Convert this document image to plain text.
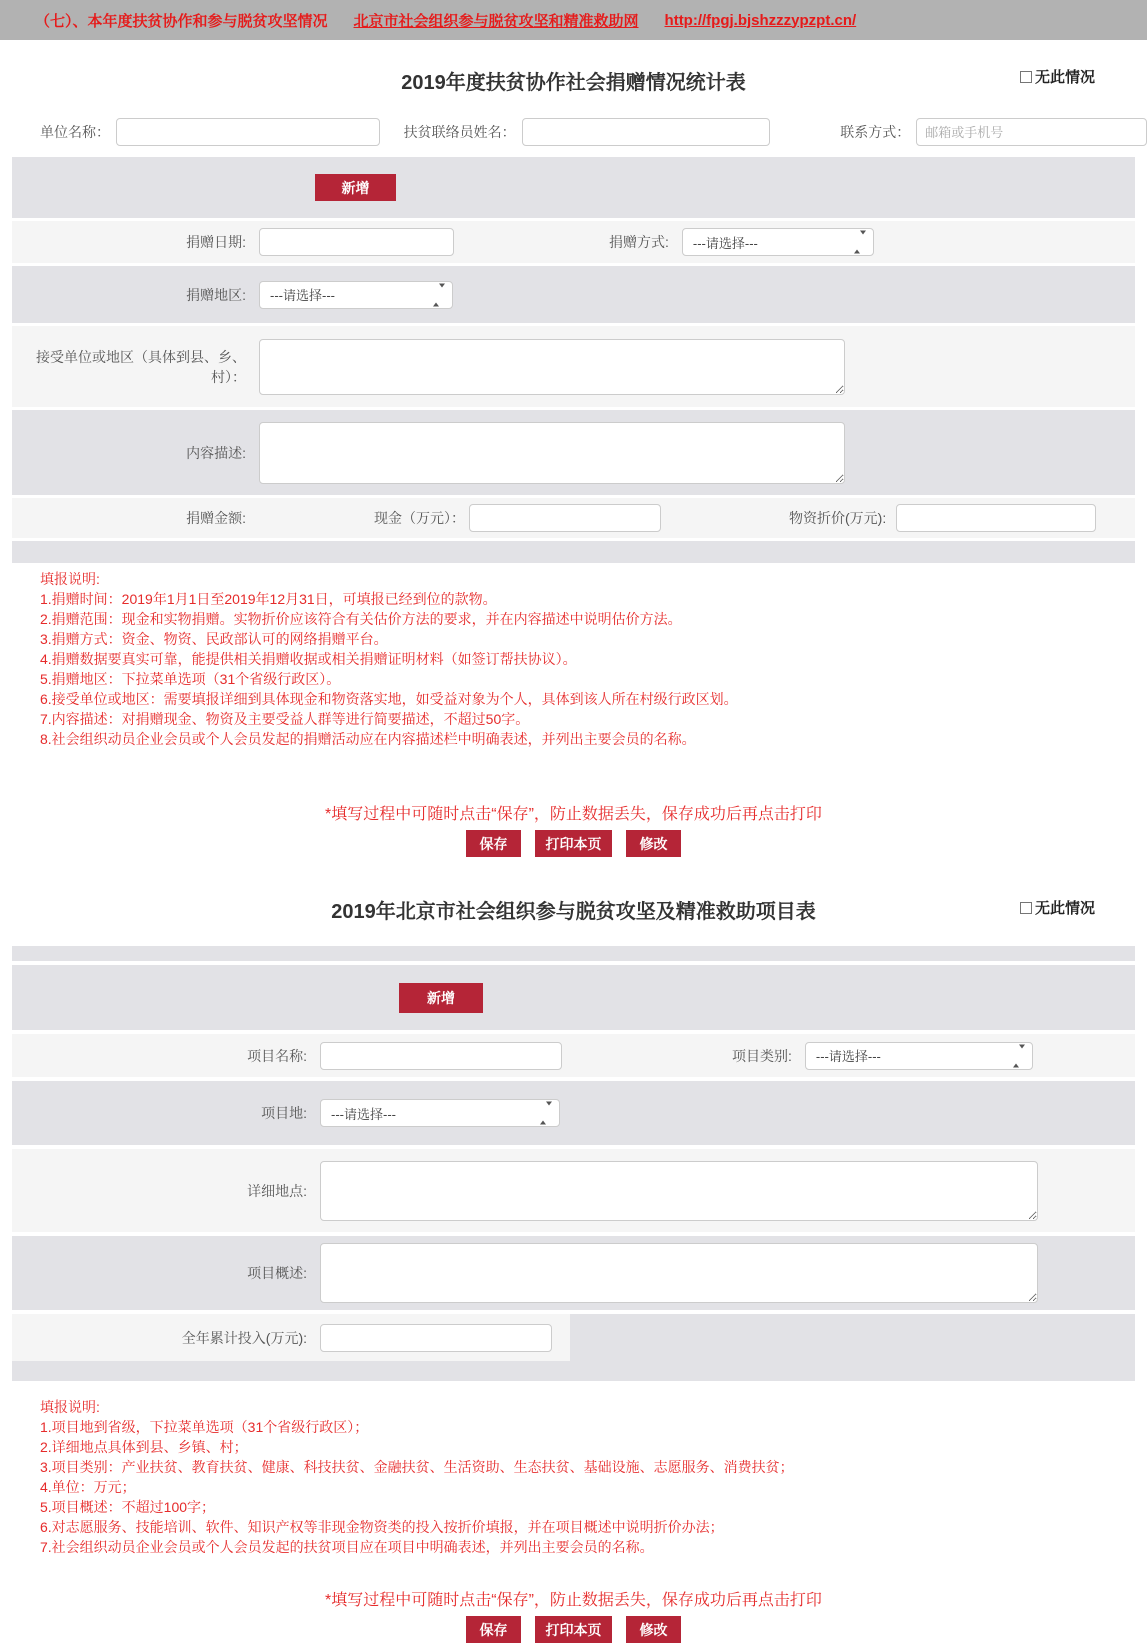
（七）、本年度扶贫协作和参与脱贫攻坚情况 北京市社会组织参与脱贫攻坚和精准救助网 http://fpgj.bjshzzzypzpt.cn/
2019年度扶贫协作社会捐赠情况统计表	无此情况
单位名称：	扶贫联络员姓名：	联系方式：
邮箱或手机号
新增
捐赠日期:	捐赠方式:	---请选择---
捐赠地区:	---请选择---
接受单位或地区（具体到县、乡、村）：
内容描述:
捐赠金额:	现金（万元）：	物资折价(万元):
填报说明:
1.捐赠时间：2019年1月1日至2019年12月31日，可填报已经到位的款物。
2.捐赠范围：现金和实物捐赠。实物折价应该符合有关估价方法的要求，并在内容描述中说明估价方法。
3.捐赠方式：资金、物资、民政部认可的网络捐赠平台。
4.捐赠数据要真实可靠，能提供相关捐赠收据或相关捐赠证明材料（如签订帮扶协议）。
5.捐赠地区：下拉菜单选项（31个省级行政区）。
6.接受单位或地区：需要填报详细到具体现金和物资落实地，如受益对象为个人，具体到该人所在村级行政区划。
7.内容描述：对捐赠现金、物资及主要受益人群等进行简要描述，不超过50字。
8.社会组织动员企业会员或个人会员发起的捐赠活动应在内容描述栏中明确表述，并列出主要会员的名称。
*填写过程中可随时点击“保存”，防止数据丢失，保存成功后再点击打印
保存	打印本页	修改
2019年北京市社会组织参与脱贫攻坚及精准救助项目表	无此情况
新增
项目名称:	项目类别:	---请选择---
项目地:	---请选择---
详细地点:
项目概述:
全年累计投入(万元):
填报说明:
1.项目地到省级，下拉菜单选项（31个省级行政区）；
2.详细地点具体到县、乡镇、村；
3.项目类别：产业扶贫、教育扶贫、健康、科技扶贫、金融扶贫、生活资助、生态扶贫、基础设施、志愿服务、消费扶贫；
4.单位：万元；
5.项目概述：不超过100字；
6.对志愿服务、技能培训、软件、知识产权等非现金物资类的投入按折价填报，并在项目概述中说明折价办法；
7.社会组织动员企业会员或个人会员发起的扶贫项目应在项目中明确表述，并列出主要会员的名称。
*填写过程中可随时点击“保存”，防止数据丢失，保存成功后再点击打印
保存	打印本页	修改
